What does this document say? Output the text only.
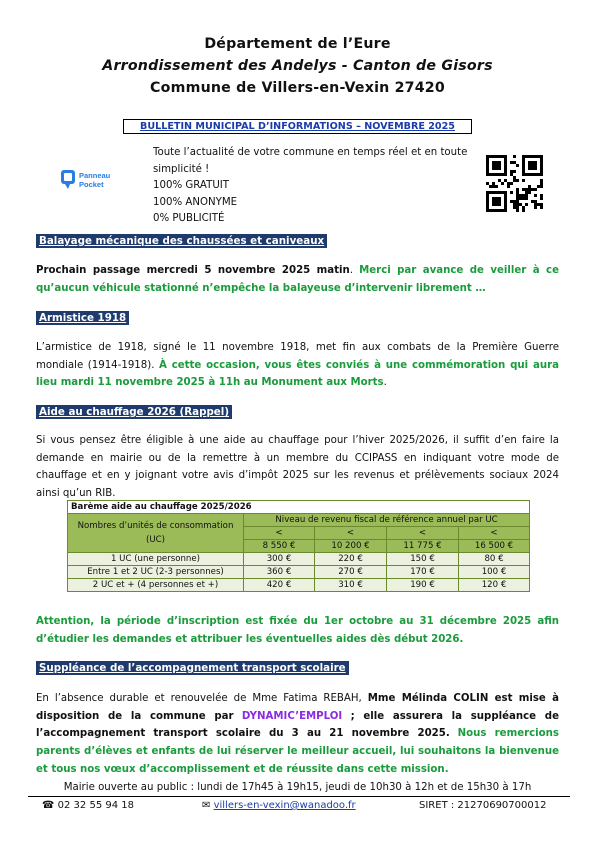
Département de l’Eure
Arrondissement des Andelys - Canton de Gisors
Commune de Villers-en-Vexin 27420
BULLETIN MUNICIPAL D’INFORMATIONS – NOVEMBRE 2025
Panneau
Pocket
Toute l’actualité de votre commune en temps réel et en toute
simplicité !
100% GRATUIT
100% ANONYME
0% PUBLICITÉ
Balayage mécanique des chaussées et caniveaux
Prochain passage mercredi 5 novembre 2025 matin. Merci par avance de veiller à ce qu’aucun véhicule stationné n’empêche la balayeuse d’intervenir librement …
Armistice 1918
L’armistice de 1918, signé le 11 novembre 1918, met fin aux combats de la Première Guerre mondiale (1914-1918). À cette occasion, vous êtes conviés à une commémoration qui aura lieu mardi 11 novembre 2025 à 11h au Monument aux Morts.
Aide au chauffage 2026 (Rappel)
Si vous pensez être éligible à une aide au chauffage pour l’hiver 2025/2026, il suffit d’en faire la demande en mairie ou de la remettre à un membre du CCIPASS en indiquant votre mode de chauffage et en y joignant votre avis d’impôt 2025 sur les revenus et prélèvements sociaux 2024 ainsi qu’un RIB.
Barème aide au chauffage 2025/2026				
Nombres d’unités de consommation (UC)	Niveau de revenu fiscal de référence annuel par UC			
	<	<	<	<
	8 550 €	10 200 €	11 775 €	16 500 €
1 UC (une personne)	300 €	220 €	150 €	80 €
Entre 1 et 2 UC (2-3 personnes)	360 €	270 €	170 €	100 €
2 UC et + (4 personnes et +)	420 €	310 €	190 €	120 €
Attention, la période d’inscription est fixée du 1er octobre au 31 décembre 2025 afin d’étudier les demandes et attribuer les éventuelles aides dès début 2026.
Suppléance de l’accompagnement transport scolaire
En l’absence durable et renouvelée de Mme Fatima REBAH, Mme Mélinda COLIN est mise à disposition de la commune par DYNAMIC’EMPLOI ; elle assurera la suppléance de l’accompagnement transport scolaire du 3 au 21 novembre 2025. Nous remercions parents d’élèves et enfants de lui réserver le meilleur accueil, lui souhaitons la bienvenue et tous nos vœux d’accomplissement et de réussite dans cette mission.
Mairie ouverte au public : lundi de 17h45 à 19h15, jeudi de 10h30 à 12h et de 15h30 à 17h
☎ 02 32 55 94 18	✉ villers-en-vexin@wanadoo.fr	SIRET : 21270690700012
